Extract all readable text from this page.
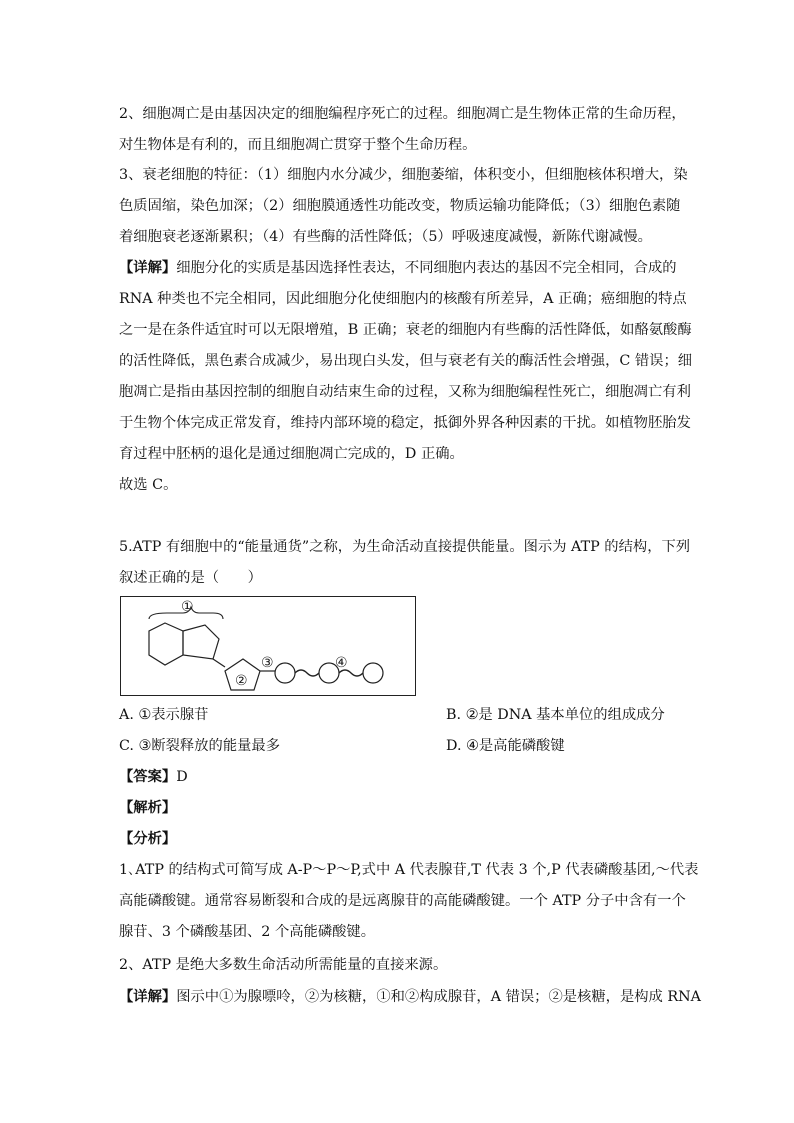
2、细胞凋亡是由基因决定的细胞编程序死亡的过程。细胞凋亡是生物体正常的生命历程，
对生物体是有利的，而且细胞凋亡贯穿于整个生命历程。
3、衰老细胞的特征：（1）细胞内水分减少，细胞萎缩，体积变小，但细胞核体积增大，染
色质固缩，染色加深；（2）细胞膜通透性功能改变，物质运输功能降低；（3）细胞色素随
着细胞衰老逐渐累积；（4）有些酶的活性降低；（5）呼吸速度减慢，新陈代谢减慢。
【详解】细胞分化的实质是基因选择性表达，不同细胞内表达的基因不完全相同，合成的
RNA 种类也不完全相同，因此细胞分化使细胞内的核酸有所差异，A 正确；癌细胞的特点
之一是在条件适宜时可以无限增殖，B 正确；衰老的细胞内有些酶的活性降低，如酪氨酸酶
的活性降低，黑色素合成减少，易出现白头发，但与衰老有关的酶活性会增强，C 错误；细
胞凋亡是指由基因控制的细胞自动结束生命的过程，又称为细胞编程性死亡，细胞凋亡有利
于生物个体完成正常发育，维持内部环境的稳定，抵御外界各种因素的干扰。如植物胚胎发
育过程中胚柄的退化是通过细胞凋亡完成的，D 正确。
故选 C。
5.ATP 有细胞中的“能量通货”之称，为生命活动直接提供能量。图示为 ATP 的结构，下列
叙述正确的是（　　）
①
②
③	④
A. ①表示腺苷	B. ②是 DNA 基本单位的组成成分
C. ③断裂释放的能量最多	D. ④是高能磷酸键
【答案】D
【解析】
【分析】
1､ATP 的结构式可简写成 A-P～P～P,式中 A 代表腺苷,T 代表 3 个,P 代表磷酸基团,～代表
高能磷酸键。通常容易断裂和合成的是远离腺苷的高能磷酸键。一个 ATP 分子中含有一个
腺苷、3 个磷酸基团、2 个高能磷酸键。
2、ATP 是绝大多数生命活动所需能量的直接来源。
【详解】图示中①为腺嘌呤，②为核糖，①和②构成腺苷，A 错误；②是核糖，是构成 RNA
